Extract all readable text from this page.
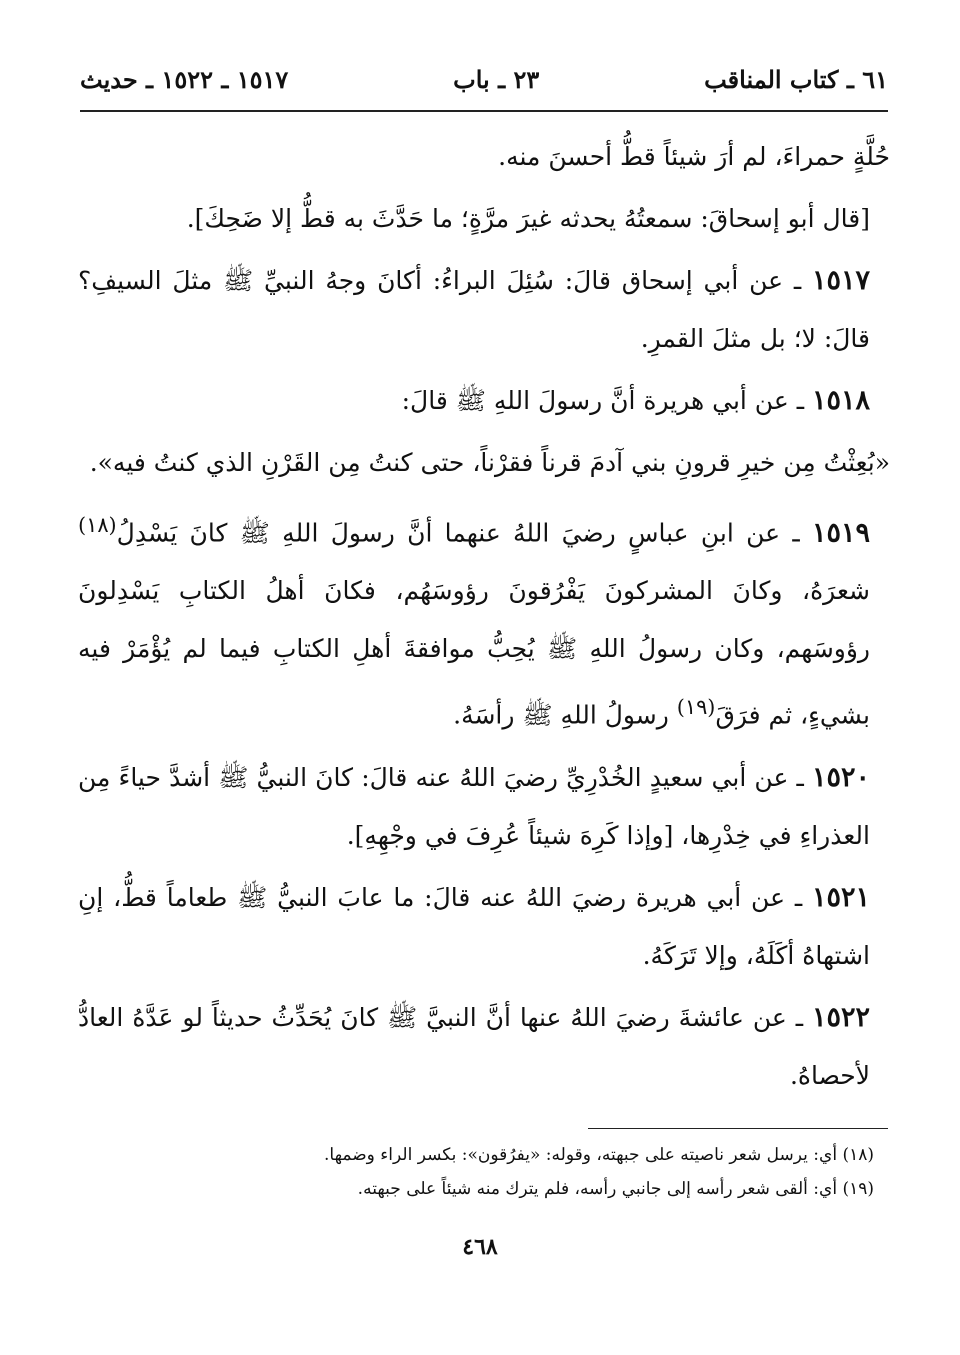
٦١ ـ كتاب المناقب
٢٣ ـ باب
١٥١٧ ـ ١٥٢٢ ـ حديث

حُلَّةٍ حمراءَ، لم أرَ شيئاً قطُّ أحسنَ منه.

[قال أبو إسحاقَ: سمعتُهُ يحدثه غيرَ مرَّةٍ؛ ما حَدَّثَ به قطُّ إلا ضَحِكَ].

١٥١٧ ـ عن أبي إسحاق قالَ: سُئِلَ البراءُ: أكانَ وجهُ النبيِّ ﷺ مثلَ السيفِ؟ قالَ: لا؛ بل مثلَ القمرِ.

١٥١٨ ـ عن أبي هريرة أنَّ رسولَ اللهِ ﷺ قالَ:

«بُعِثْتُ مِن خيرِ قرونِ بني آدمَ قرناً فقرْناً، حتى كنتُ مِن القَرْنِ الذي كنتُ فيه».

١٥١٩ ـ عن ابنِ عباسٍ رضيَ اللهُ عنهما أنَّ رسولَ اللهِ ﷺ كانَ يَسْدِلُ$^{(١٨)}$ شعرَهُ، وكانَ المشركونَ يَفْرُقونَ رؤوسَهُم، فكانَ أهلُ الكتابِ يَسْدِلونَ رؤوسَهم، وكان رسولُ اللهِ ﷺ يُحِبُّ موافقةَ أهلِ الكتابِ فيما لم يُؤْمَرْ فيه بشيءٍ، ثم فرَقَ$^{(١٩)}$ رسولُ اللهِ ﷺ رأسَهُ.

١٥٢٠ ـ عن أبي سعيدٍ الخُدْرِيِّ رضيَ اللهُ عنه قالَ: كانَ النبيُّ ﷺ أشدَّ حياءً مِن العذراءِ في خِدْرِها، [وإذا كَرِهَ شيئاً عُرِفَ في وجْهِهِ].

١٥٢١ ـ عن أبي هريرة رضيَ اللهُ عنه قالَ: ما عابَ النبيُّ ﷺ طعاماً قطُّ، إنِ اشتهاهُ أكَلَهُ، وإلا تَرَكَهُ.

١٥٢٢ ـ عن عائشةَ رضيَ اللهُ عنها أنَّ النبيَّ ﷺ كانَ يُحَدِّثُ حديثاً لو عَدَّهُ العادُّ لأحصاهُ.

(١٨) أي: يرسل شعر ناصيته على جبهته، وقوله: «يفرُقون»: بكسر الراء وضمها.

(١٩) أي: ألقى شعر رأسه إلى جانبي رأسه، فلم يترك منه شيئاً على جبهته.

٤٦٨
